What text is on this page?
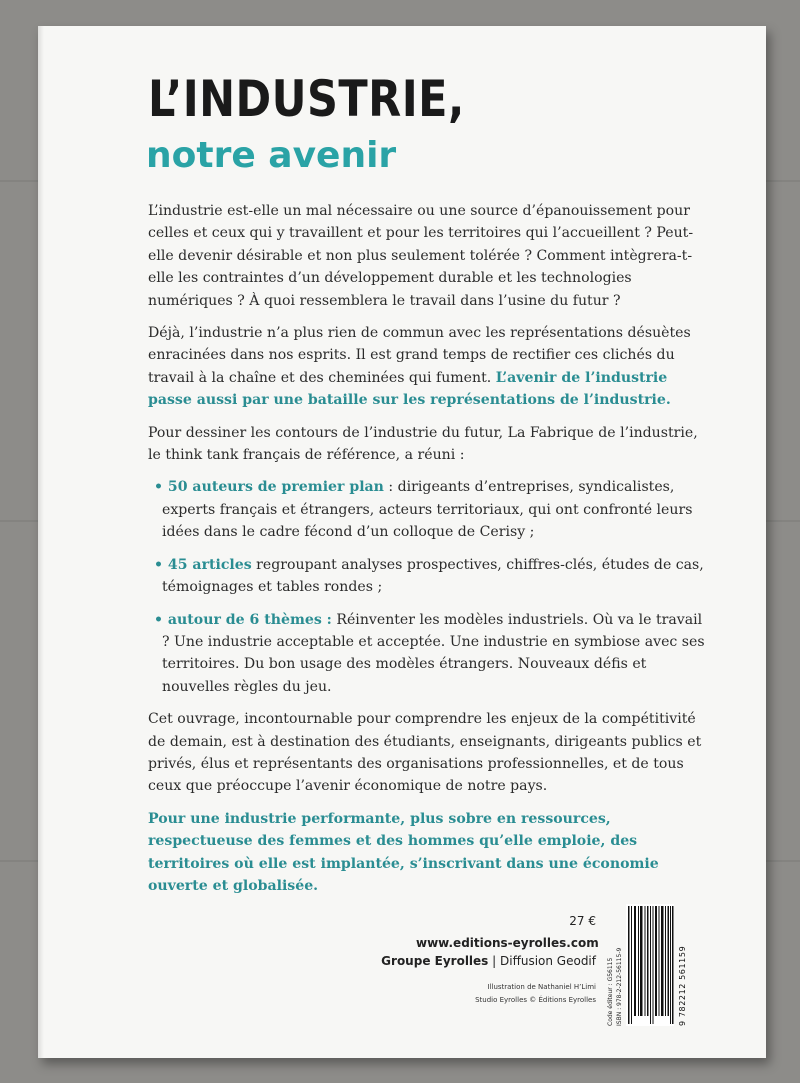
L’INDUSTRIE,
notre avenir

L’industrie est-elle un mal nécessaire ou une source d’épanouissement pour celles et ceux qui y travaillent et pour les territoires qui l’accueillent ? Peut-elle devenir désirable et non plus seulement tolérée ? Comment intègrera-t-elle les contraintes d’un développement durable et les technologies numériques ? À quoi ressemblera le travail dans l’usine du futur ?

Déjà, l’industrie n’a plus rien de commun avec les représentations désuètes enracinées dans nos esprits. Il est grand temps de rectifier ces clichés du travail à la chaîne et des cheminées qui fument. L’avenir de l’industrie passe aussi par une bataille sur les représentations de l’industrie.

Pour dessiner les contours de l’industrie du futur, La Fabrique de l’industrie, le think tank français de référence, a réuni :

• 50 auteurs de premier plan : dirigeants d’entreprises, syndicalistes, experts français et étrangers, acteurs territoriaux, qui ont confronté leurs idées dans le cadre fécond d’un colloque de Cerisy ;

• 45 articles regroupant analyses prospectives, chiffres-clés, études de cas, témoignages et tables rondes ;

• autour de 6 thèmes : Réinventer les modèles industriels. Où va le travail ? Une industrie acceptable et acceptée. Une industrie en symbiose avec ses territoires. Du bon usage des modèles étrangers. Nouveaux défis et nouvelles règles du jeu.

Cet ouvrage, incontournable pour comprendre les enjeux de la compétitivité de demain, est à destination des étudiants, enseignants, dirigeants publics et privés, élus et représentants des organisations professionnelles, et de tous ceux que préoccupe l’avenir économique de notre pays.

Pour une industrie performante, plus sobre en ressources, respectueuse des femmes et des hommes qu’elle emploie, des territoires où elle est implantée, s’inscrivant dans une économie ouverte et globalisée.

27 €
www.editions-eyrolles.com
Groupe Eyrolles | Diffusion Geodif
Illustration de Nathaniel H’Limi
Studio Eyrolles © Éditions Eyrolles Code éditeur : G56115 ISBN : 978-2-212-56115-9	9 782212 561159
